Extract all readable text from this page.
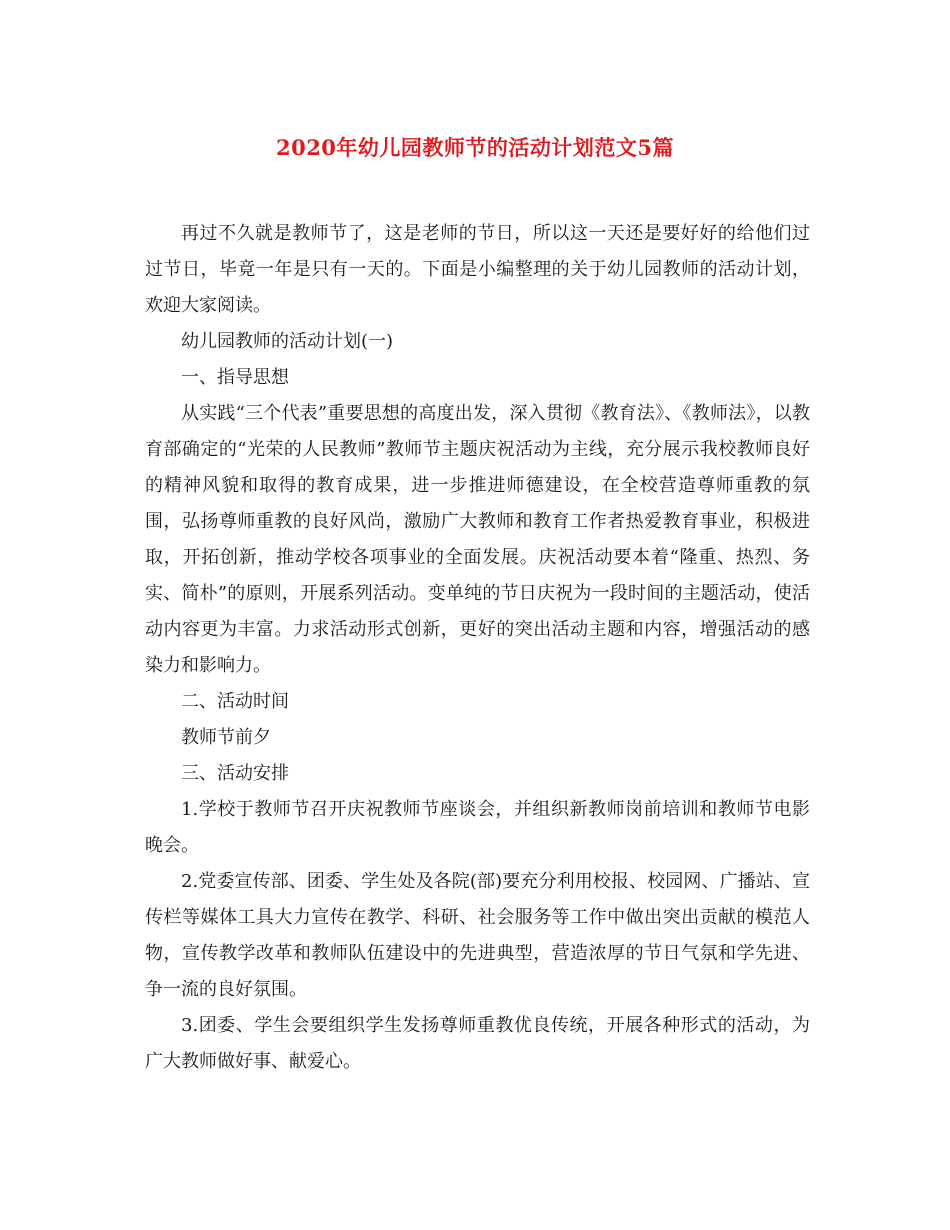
2020年幼儿园教师节的活动计划范文5篇

再过不久就是教师节了，这是老师的节日，所以这一天还是要好好的给他们过过节日，毕竟一年是只有一天的。下面是小编整理的关于幼儿园教师的活动计划，欢迎大家阅读。

幼儿园教师的活动计划(一)

一、指导思想

从实践“三个代表”重要思想的高度出发，深入贯彻《教育法》、《教师法》，以教育部确定的“光荣的人民教师”教师节主题庆祝活动为主线，充分展示我校教师良好的精神风貌和取得的教育成果，进一步推进师德建设，在全校营造尊师重教的氛围，弘扬尊师重教的良好风尚，激励广大教师和教育工作者热爱教育事业，积极进取，开拓创新，推动学校各项事业的全面发展。庆祝活动要本着“隆重、热烈、务实、简朴”的原则，开展系列活动。变单纯的节日庆祝为一段时间的主题活动，使活动内容更为丰富。力求活动形式创新，更好的突出活动主题和内容，增强活动的感染力和影响力。

二、活动时间

教师节前夕

三、活动安排

1.学校于教师节召开庆祝教师节座谈会，并组织新教师岗前培训和教师节电影晚会。

2.党委宣传部、团委、学生处及各院(部)要充分利用校报、校园网、广播站、宣传栏等媒体工具大力宣传在教学、科研、社会服务等工作中做出突出贡献的模范人物，宣传教学改革和教师队伍建设中的先进典型，营造浓厚的节日气氛和学先进、争一流的良好氛围。

3.团委、学生会要组织学生发扬尊师重教优良传统，开展各种形式的活动，为广大教师做好事、献爱心。
